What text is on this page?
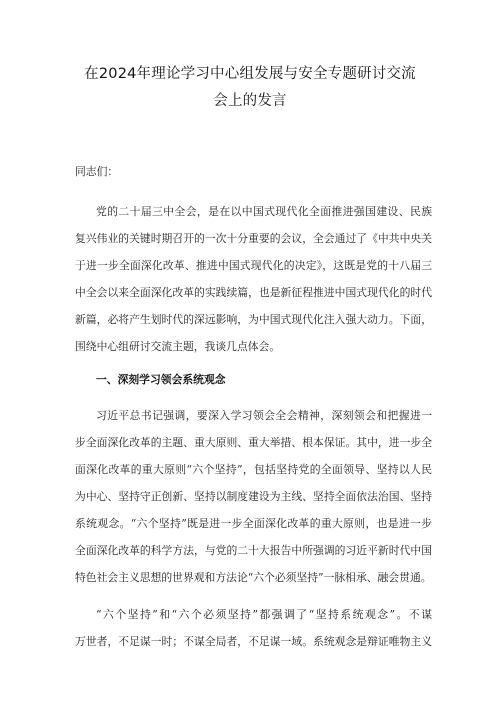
在2024年理论学习中心组发展与安全专题研讨交流
会上的发言
同志们：
党的二十届三中全会，是在以中国式现代化全面推进强国建设、民族
复兴伟业的关键时期召开的一次十分重要的会议，全会通过了《中共中央关
于进一步全面深化改革、推进中国式现代化的决定》，这既是党的十八届三
中全会以来全面深化改革的实践续篇，也是新征程推进中国式现代化的时代
新篇，必将产生划时代的深远影响，为中国式现代化注入强大动力。下面，
围绕中心组研讨交流主题，我谈几点体会。
一、深刻学习领会系统观念
习近平总书记强调，要深入学习领会全会精神，深刻领会和把握进一
步全面深化改革的主题、重大原则、重大举措、根本保证。其中，进一步全
面深化改革的重大原则“六个坚持”，包括坚持党的全面领导、坚持以人民
为中心、坚持守正创新、坚持以制度建设为主线、坚持全面依法治国、坚持
系统观念。“六个坚持”既是进一步全面深化改革的重大原则，也是进一步
全面深化改革的科学方法，与党的二十大报告中所强调的习近平新时代中国
特色社会主义思想的世界观和方法论“六个必须坚持”一脉相承、融会贯通。
“六个坚持”和“六个必须坚持”都强调了“坚持系统观念”。不谋
万世者，不足谋一时；不谋全局者，不足谋一域。系统观念是辩证唯物主义
